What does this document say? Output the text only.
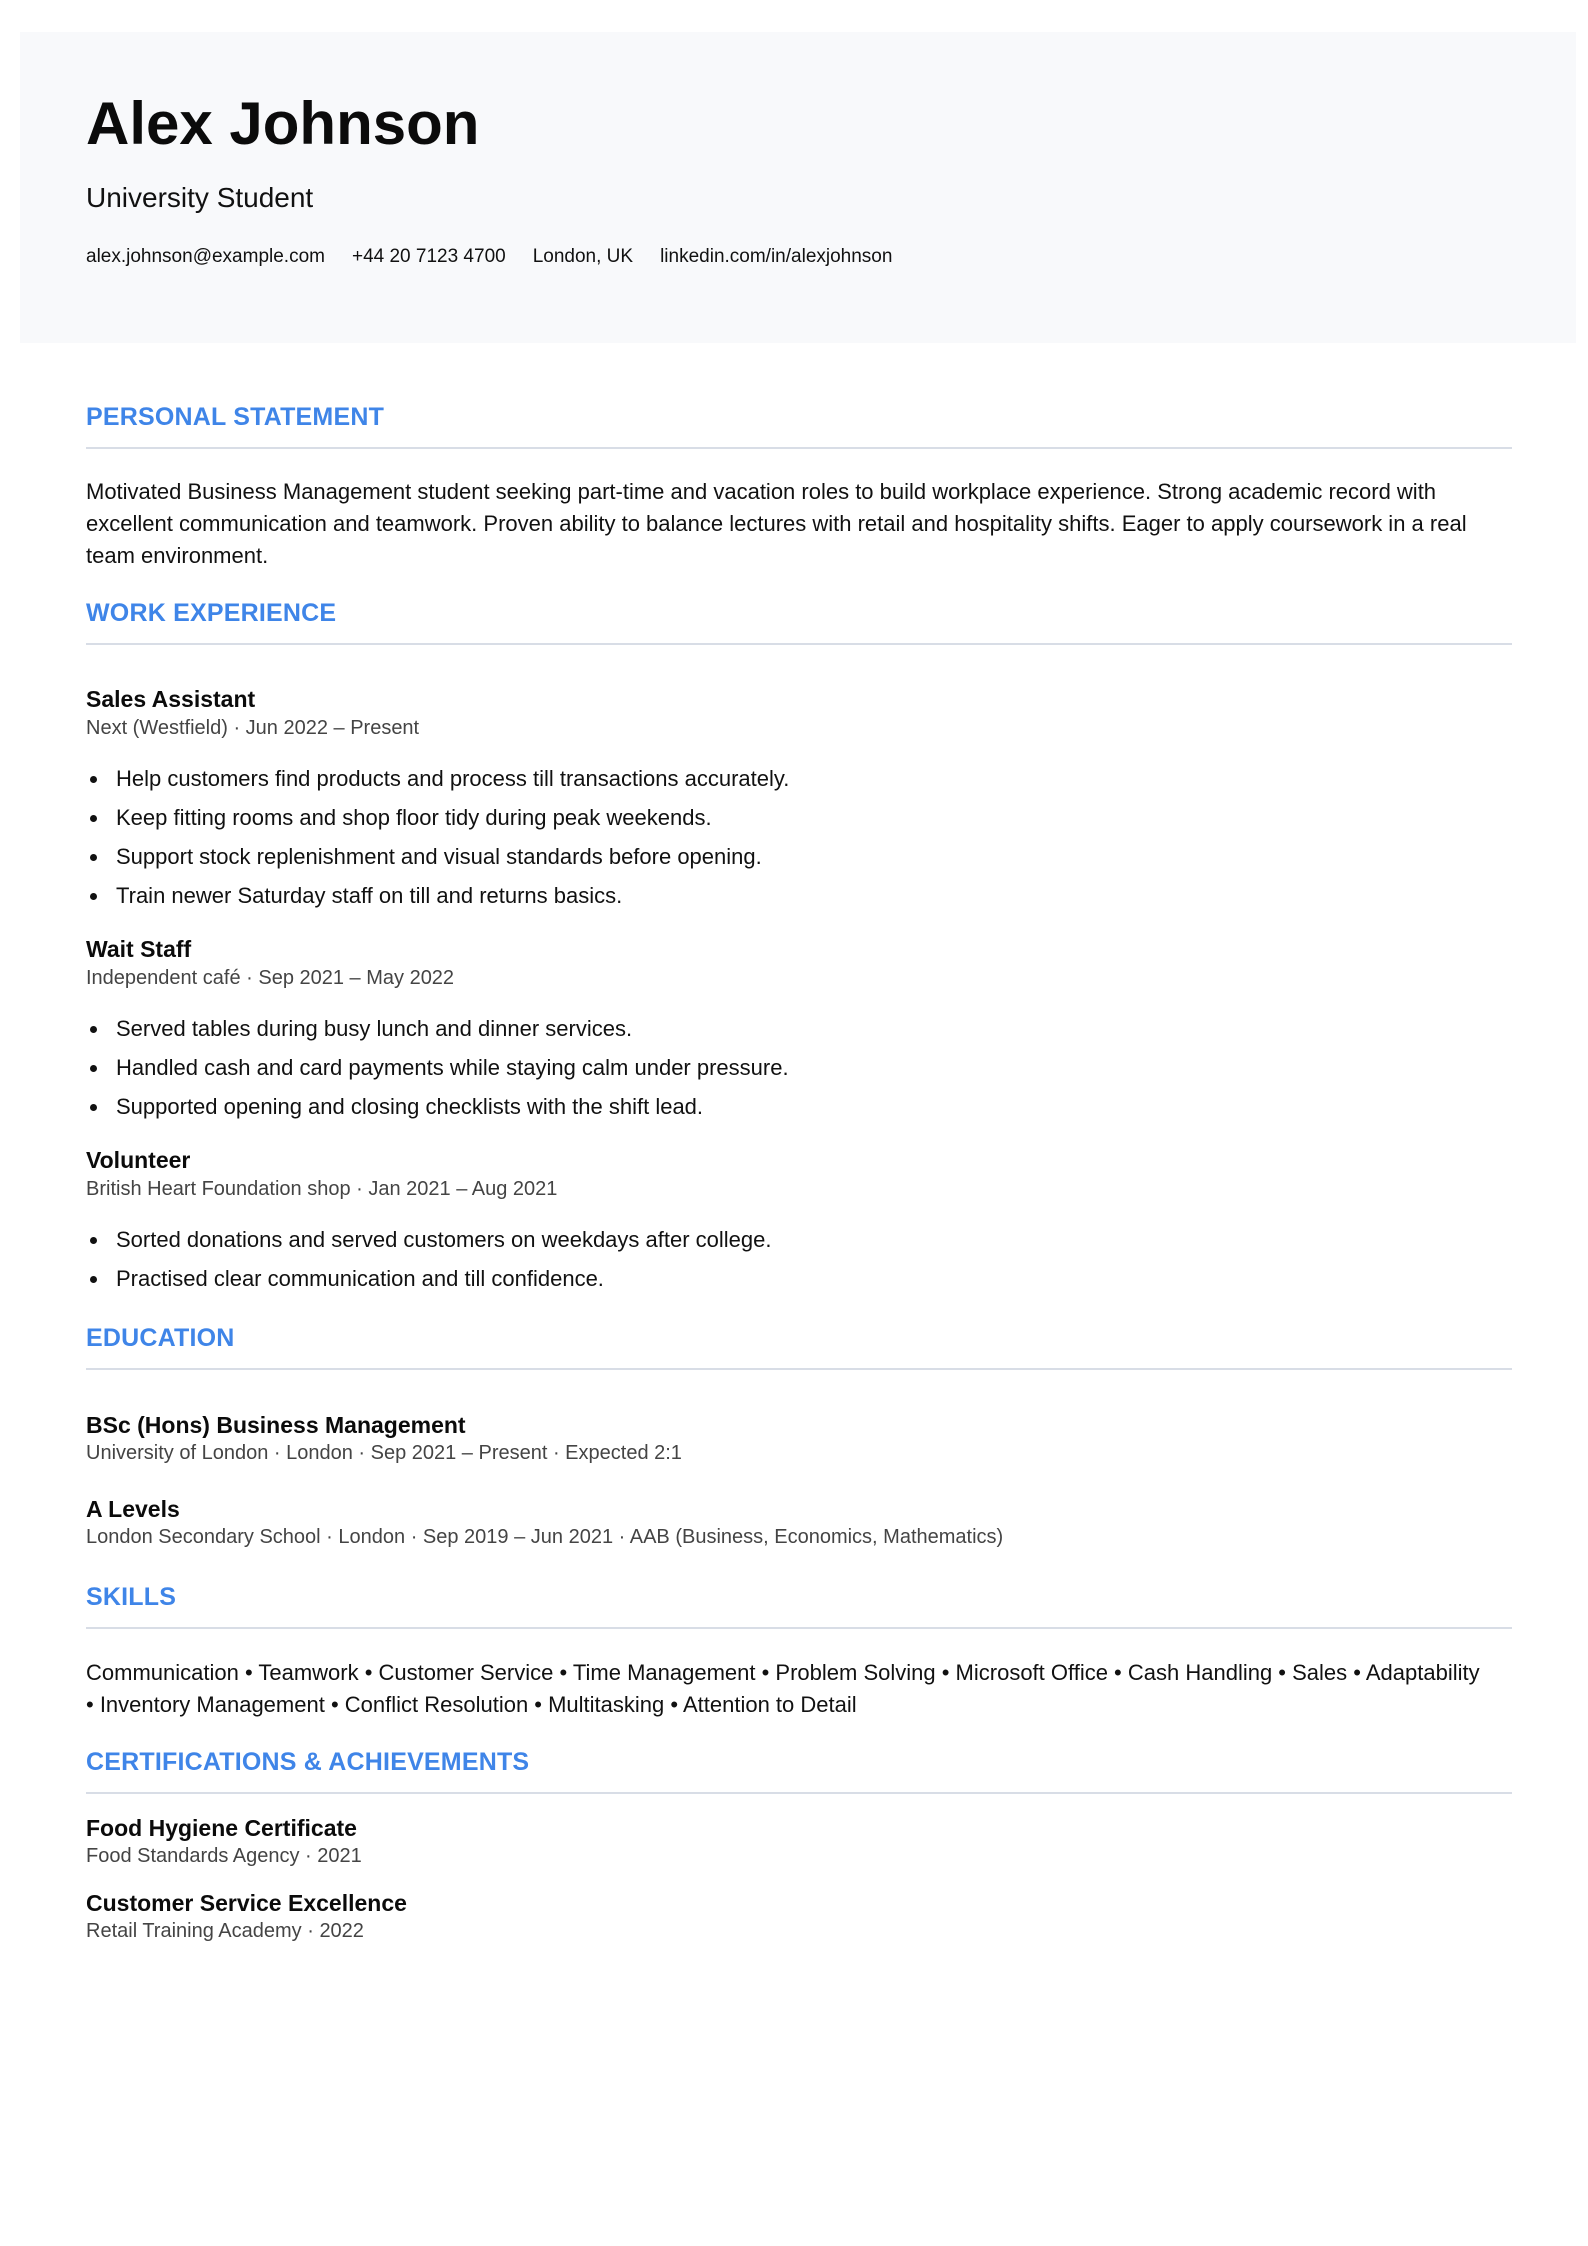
Alex Johnson
University Student
alex.johnson@example.com +44 20 7123 4700 London, UK linkedin.com/in/alexjohnson
PERSONAL STATEMENT

Motivated Business Management student seeking part-time and vacation roles to build workplace experience. Strong academic record with excellent communication and teamwork. Proven ability to balance lectures with retail and hospitality shifts. Eager to apply coursework in a real team environment.

WORK EXPERIENCE
Sales Assistant

Next (Westfield) · Jun 2022 – Present

Help customers find products and process till transactions accurately.
Keep fitting rooms and shop floor tidy during peak weekends.
Support stock replenishment and visual standards before opening.
Train newer Saturday staff on till and returns basics.
Wait Staff

Independent café · Sep 2021 – May 2022

Served tables during busy lunch and dinner services.
Handled cash and card payments while staying calm under pressure.
Supported opening and closing checklists with the shift lead.
Volunteer

British Heart Foundation shop · Jan 2021 – Aug 2021

Sorted donations and served customers on weekdays after college.
Practised clear communication and till confidence.
EDUCATION
BSc (Hons) Business Management

University of London · London · Sep 2021 – Present · Expected 2:1

A Levels

London Secondary School · London · Sep 2019 – Jun 2021 · AAB (Business, Economics, Mathematics)

SKILLS

Communication • Teamwork • Customer Service • Time Management • Problem Solving • Microsoft Office • Cash Handling • Sales • Adaptability • Inventory Management • Conflict Resolution • Multitasking • Attention to Detail

CERTIFICATIONS & ACHIEVEMENTS
Food Hygiene Certificate

Food Standards Agency · 2021

Customer Service Excellence

Retail Training Academy · 2022
